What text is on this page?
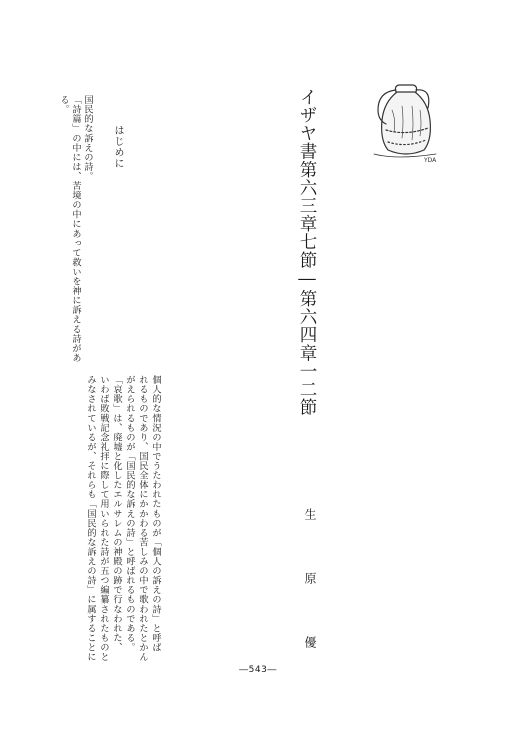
YDA
イザヤ書第六三章七節―第六四章一二節
生　原　優
はじめに
国民的な訴えの詩。
「詩篇」の中には、苦境の中にあって救いを神に訴える詩があ
る。
個人的な情況の中でうたわれたものが「個人の訴えの詩」と呼ば
れるものであり、国民全体にかかわる苦しみの中で歌われたとかん
がえられるものが「国民的な訴えの詩」と呼ばれるものである。
「哀歌」は、廃墟と化したエルサレムの神殿の跡で行なわれた、
いわば敗戦記念礼拝に際して用いられた詩が五つ編纂されたものと
みなされているが、それらも「国民的な訴えの詩」に属することに
―543―
